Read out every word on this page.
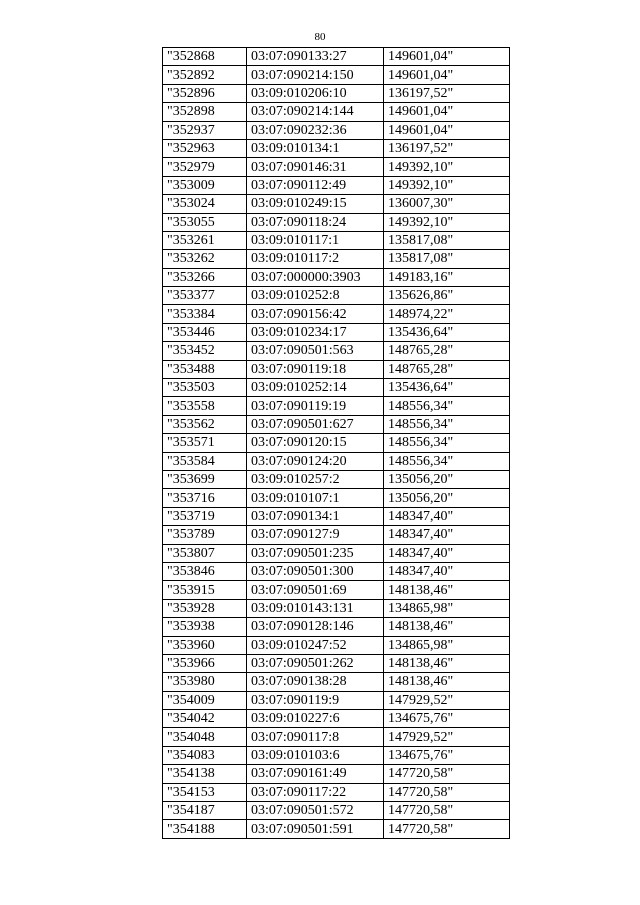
80
"352868	03:07:090133:27	149601,04"
"352892	03:07:090214:150	149601,04"
"352896	03:09:010206:10	136197,52"
"352898	03:07:090214:144	149601,04"
"352937	03:07:090232:36	149601,04"
"352963	03:09:010134:1	136197,52"
"352979	03:07:090146:31	149392,10"
"353009	03:07:090112:49	149392,10"
"353024	03:09:010249:15	136007,30"
"353055	03:07:090118:24	149392,10"
"353261	03:09:010117:1	135817,08"
"353262	03:09:010117:2	135817,08"
"353266	03:07:000000:3903	149183,16"
"353377	03:09:010252:8	135626,86"
"353384	03:07:090156:42	148974,22"
"353446	03:09:010234:17	135436,64"
"353452	03:07:090501:563	148765,28"
"353488	03:07:090119:18	148765,28"
"353503	03:09:010252:14	135436,64"
"353558	03:07:090119:19	148556,34"
"353562	03:07:090501:627	148556,34"
"353571	03:07:090120:15	148556,34"
"353584	03:07:090124:20	148556,34"
"353699	03:09:010257:2	135056,20"
"353716	03:09:010107:1	135056,20"
"353719	03:07:090134:1	148347,40"
"353789	03:07:090127:9	148347,40"
"353807	03:07:090501:235	148347,40"
"353846	03:07:090501:300	148347,40"
"353915	03:07:090501:69	148138,46"
"353928	03:09:010143:131	134865,98"
"353938	03:07:090128:146	148138,46"
"353960	03:09:010247:52	134865,98"
"353966	03:07:090501:262	148138,46"
"353980	03:07:090138:28	148138,46"
"354009	03:07:090119:9	147929,52"
"354042	03:09:010227:6	134675,76"
"354048	03:07:090117:8	147929,52"
"354083	03:09:010103:6	134675,76"
"354138	03:07:090161:49	147720,58"
"354153	03:07:090117:22	147720,58"
"354187	03:07:090501:572	147720,58"
"354188	03:07:090501:591	147720,58"
